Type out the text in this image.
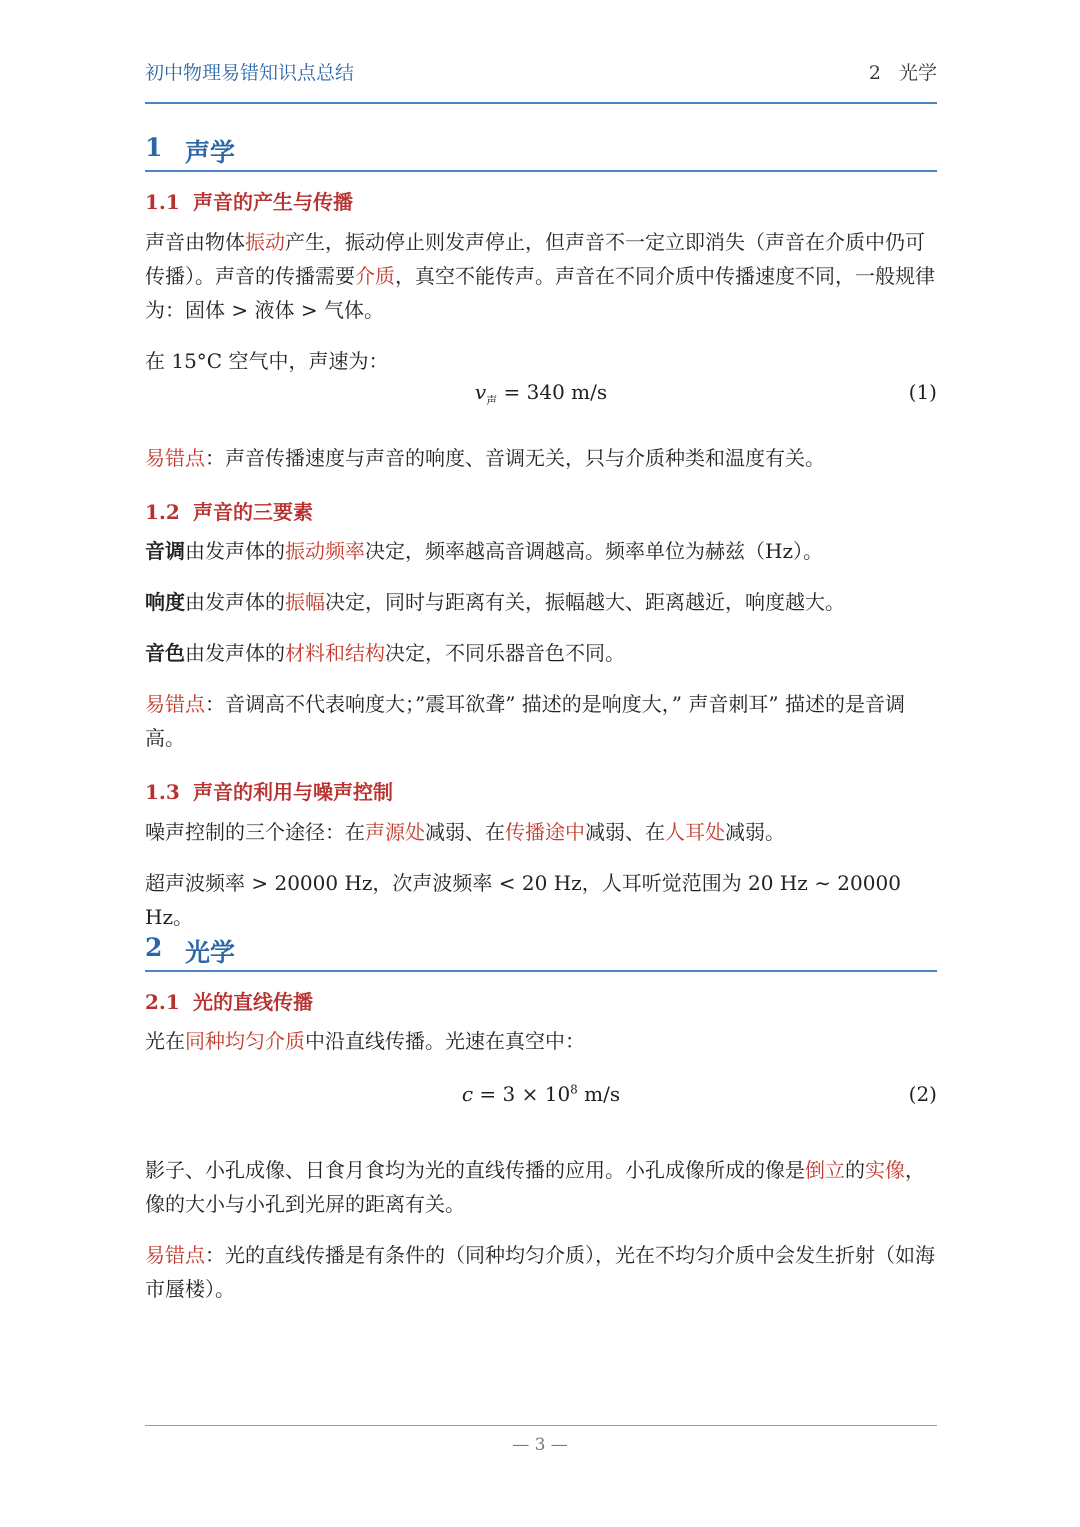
初中物理易错知识点总结	2 光学
1 声学
1.1 声音的产生与传播
声音由物体振动产生，振动停止则发声停止，但声音不一定立即消失（声音在介质中仍可传播）。声音的传播需要介质，真空不能传声。声音在不同介质中传播速度不同，一般规律为：固体 > 液体 > 气体。
在 15°C 空气中，声速为：
$v_声 = 340$ m/s	(1)
易错点：声音传播速度与声音的响度、音调无关，只与介质种类和温度有关。
1.2 声音的三要素
音调由发声体的振动频率决定，频率越高音调越高。频率单位为赫兹（Hz）。
响度由发声体的振幅决定，同时与距离有关，振幅越大、距离越近，响度越大。
音色由发声体的材料和结构决定，不同乐器音色不同。
易错点：音调高不代表响度大；”震耳欲聋” 描述的是响度大，” 声音刺耳” 描述的是音调高。
1.3 声音的利用与噪声控制
噪声控制的三个途径：在声源处减弱、在传播途中减弱、在人耳处减弱。
超声波频率 > 20000 Hz，次声波频率 < 20 Hz，人耳听觉范围为 20 Hz ∼ 20000 Hz。
2 光学
2.1 光的直线传播
光在同种均匀介质中沿直线传播。光速在真空中：
$c = 3 \times 10^8$ m/s	(2)
影子、小孔成像、日食月食均为光的直线传播的应用。小孔成像所成的像是倒立的实像，像的大小与小孔到光屏的距离有关。
易错点：光的直线传播是有条件的（同种均匀介质），光在不均匀介质中会发生折射（如海市蜃楼）。
— 3 —
